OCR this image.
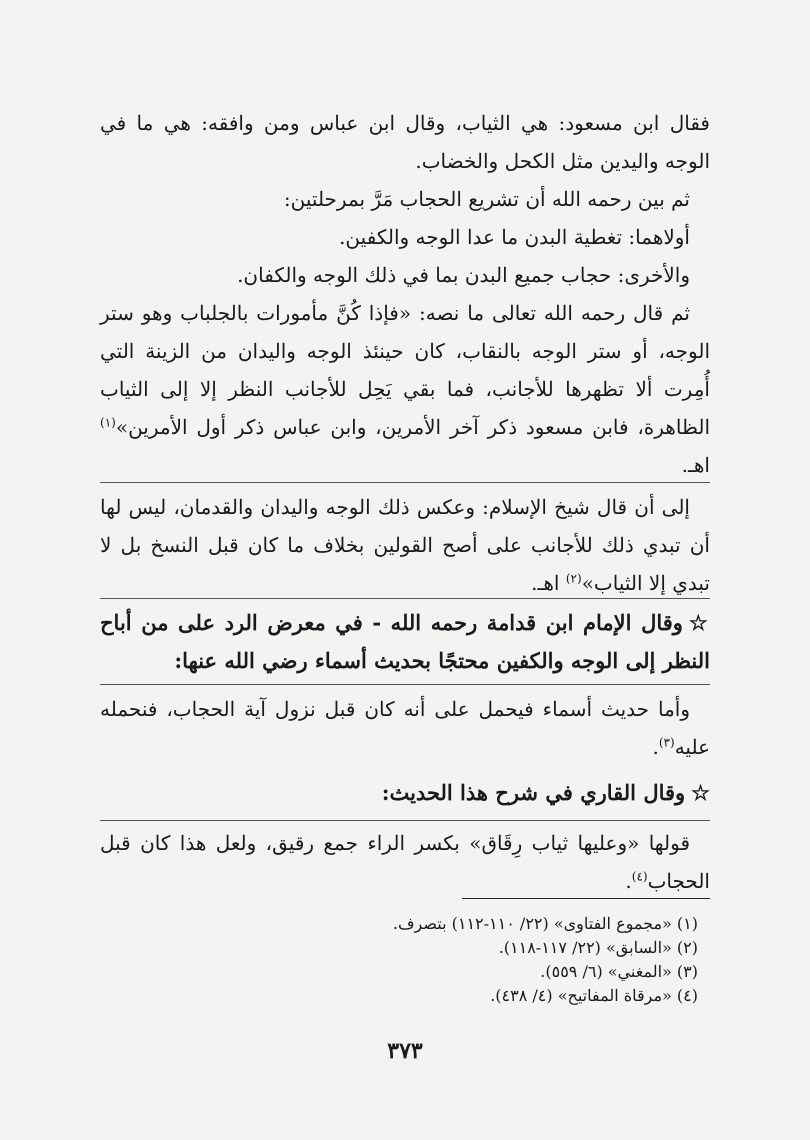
فقال ابن مسعود: هي الثياب، وقال ابن عباس ومن وافقه: هي ما في الوجه واليدين مثل الكحل والخضاب.

ثم بين رحمه الله أن تشريع الحجاب مَرَّ بمرحلتين:

أولاهما: تغطية البدن ما عدا الوجه والكفين.

والأخرى: حجاب جميع البدن بما في ذلك الوجه والكفان.

ثم قال رحمه الله تعالى ما نصه: «فإذا كُنَّ مأمورات بالجلباب وهو ستر الوجه، أو ستر الوجه بالنقاب، كان حينئذ الوجه واليدان من الزينة التي أُمِرت ألا تظهرها للأجانب، فما بقي يَحِل للأجانب النظر إلا إلى الثياب الظاهرة، فابن مسعود ذكر آخر الأمرين، وابن عباس ذكر أول الأمرين»$^{(١)}$ اهـ.

إلى أن قال شيخ الإسلام: وعكس ذلك الوجه واليدان والقدمان، ليس لها أن تبدي ذلك للأجانب على أصح القولين بخلاف ما كان قبل النسخ بل لا تبدي إلا الثياب»$^{(٢)}$ اهـ.

☆وقال الإمام ابن قدامة رحمه الله - في معرض الرد على من أباح النظر إلى الوجه والكفين محتجًا بحديث أسماء رضي الله عنها:

وأما حديث أسماء فيحمل على أنه كان قبل نزول آية الحجاب، فنحمله عليه$^{(٣)}$.

☆وقال القاري في شرح هذا الحديث:

قولها «وعليها ثياب رِقَاق» بكسر الراء جمع رقيق، ولعل هذا كان قبل الحجاب$^{(٤)}$.

(١) «مجموع الفتاوى» (٢٢/ ١١٠-١١٢) بتصرف.

(٢) «السابق» (٢٢/ ١١٧-١١٨).

(٣) «المغني» (٦/ ٥٥٩).

(٤) «مرقاة المفاتيح» (٤/ ٤٣٨).

٣٧٣
